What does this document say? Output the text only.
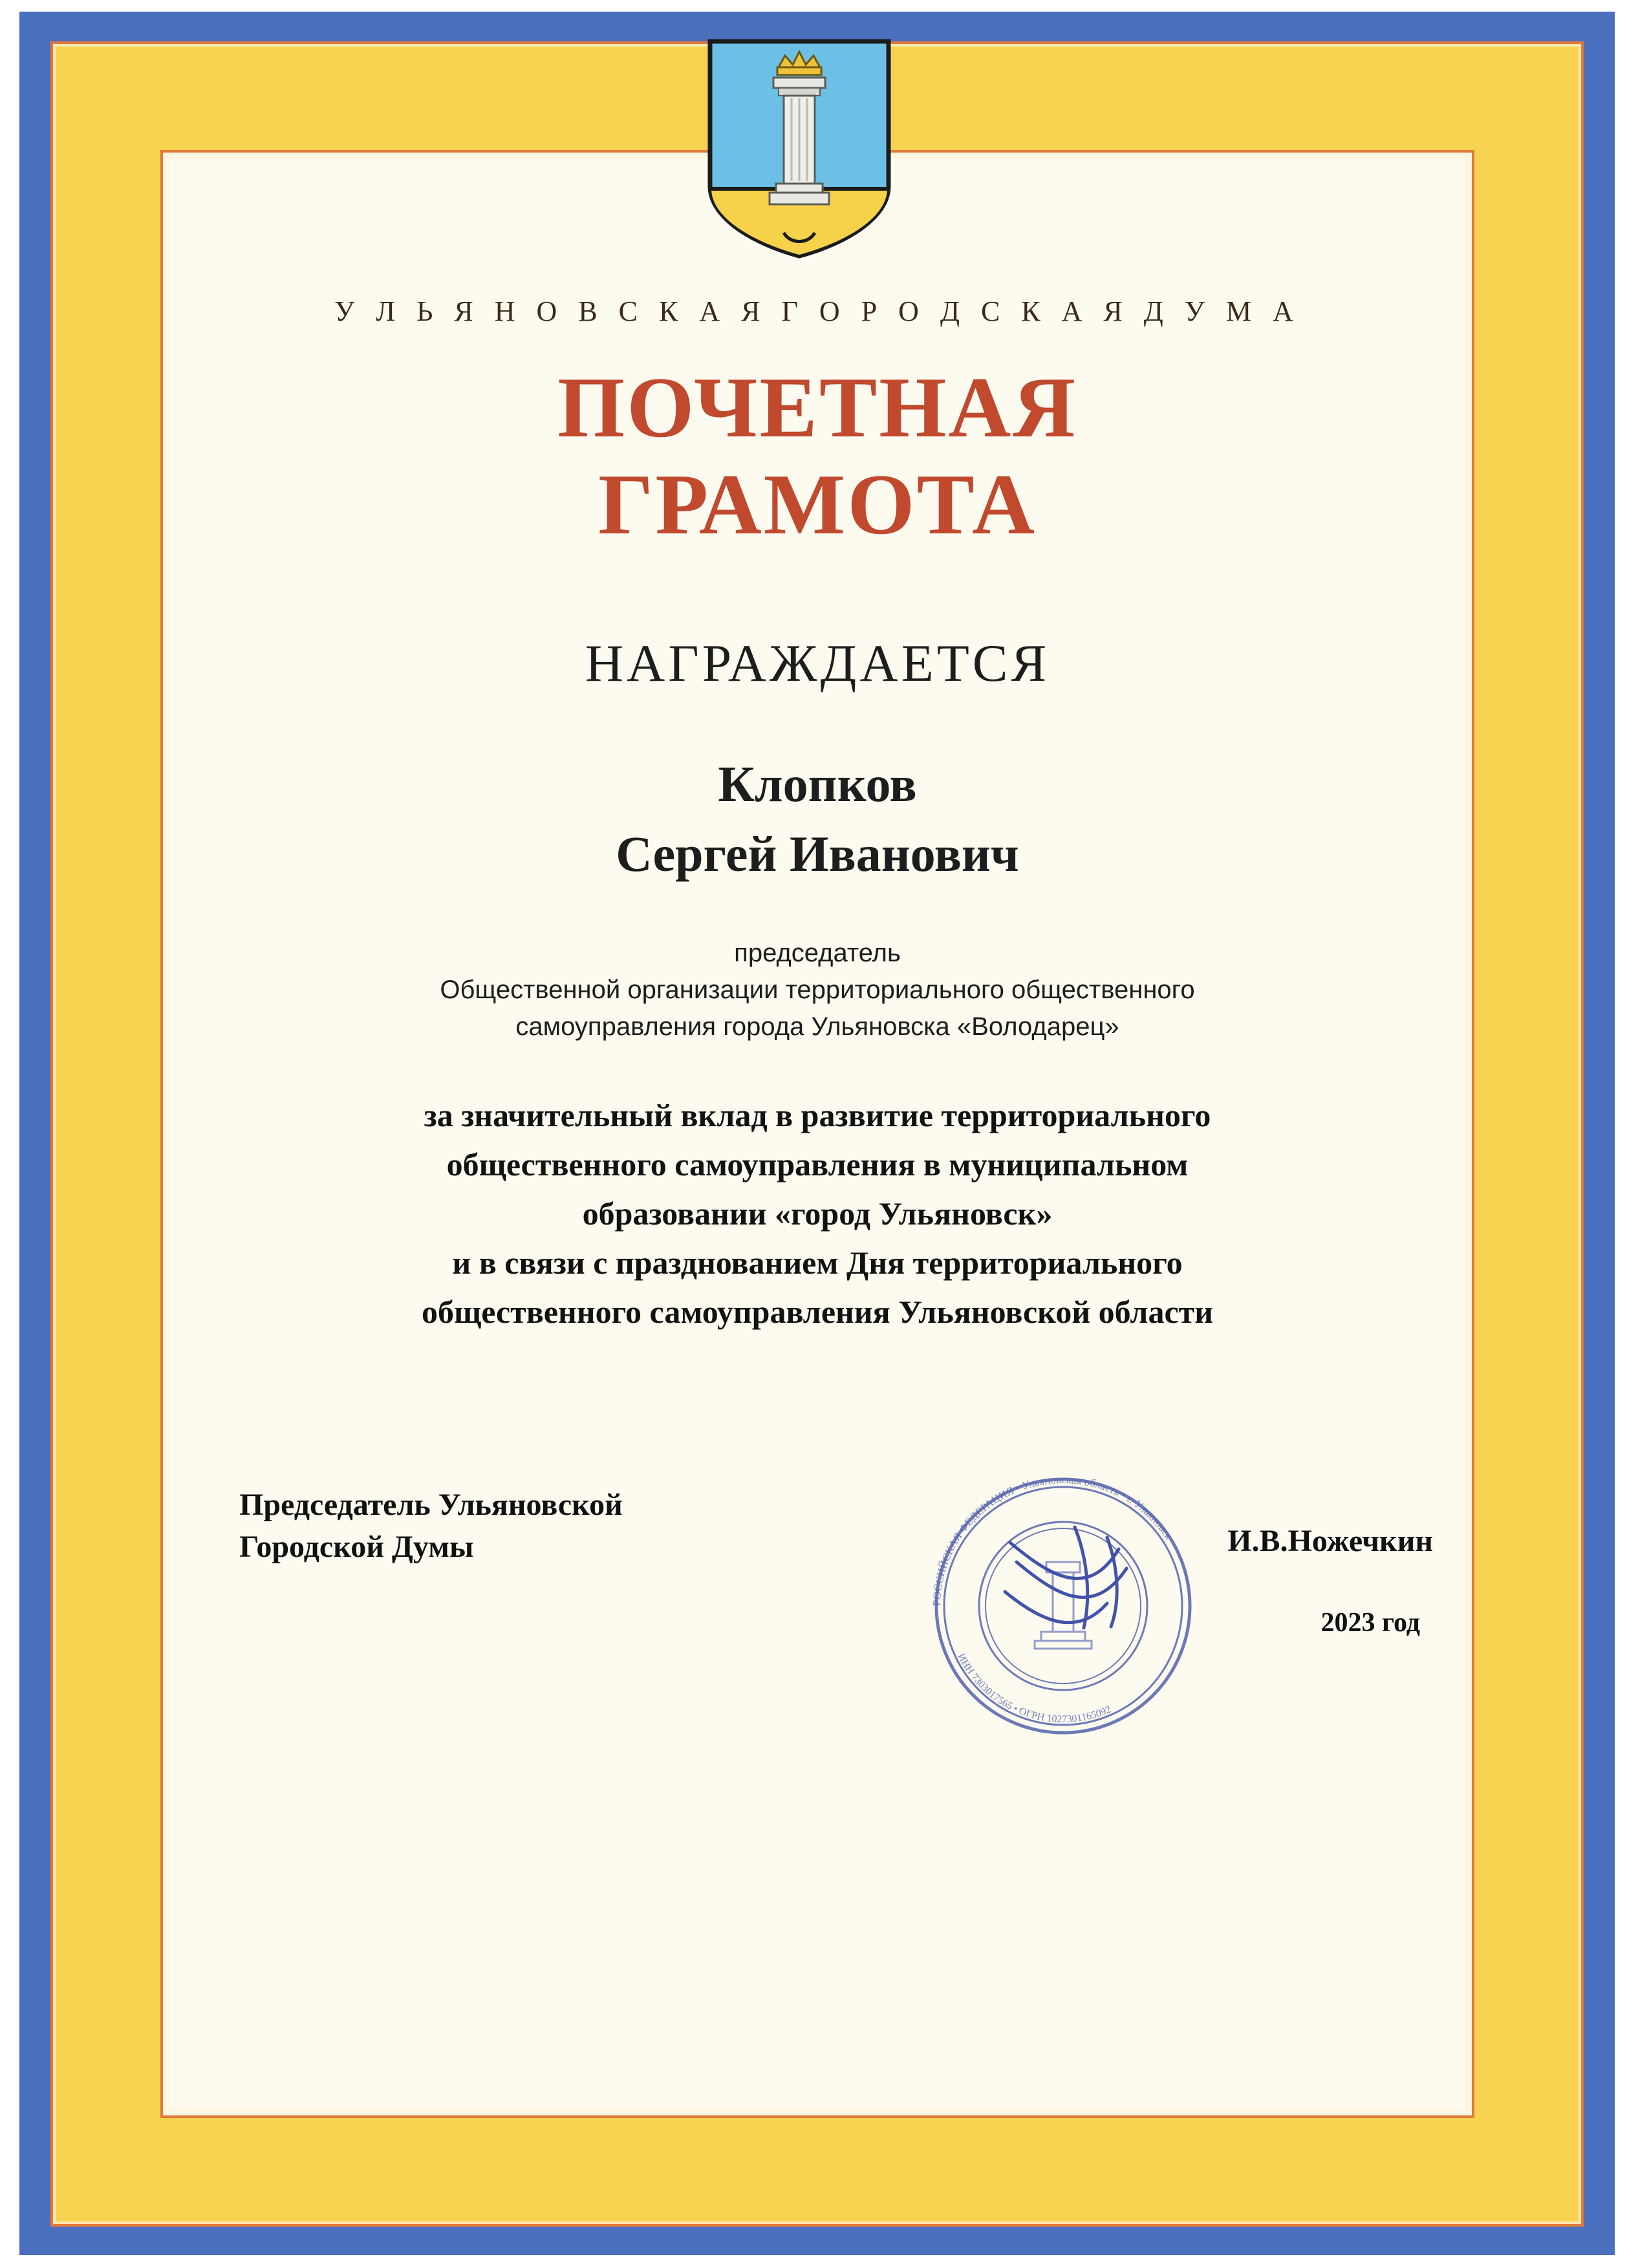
У Л Ь Я Н О В С К А Я Г О Р О Д С К А Я Д У М А
ПОЧЕТНАЯ
ГРАМОТА
НАГРАЖДАЕТСЯ
Клопков
Сергей Иванович
председатель
Общественной организации территориального общественного
самоуправления города Ульяновска «Володарец»
за значительный вклад в развитие территориального
общественного самоуправления в муниципальном
образовании «город Ульяновск»
и в связи с празднованием Дня территориального
общественного самоуправления Ульяновской области
Председатель Ульяновской
Городской Думы
РОССИЙСКАЯ ФЕДЕРАЦИЯ • Ульяновская область • г. Ульяновск
ИНН 7303017565 • ОГРН 1027301165092
И.В.Ножечкин
2023 год
